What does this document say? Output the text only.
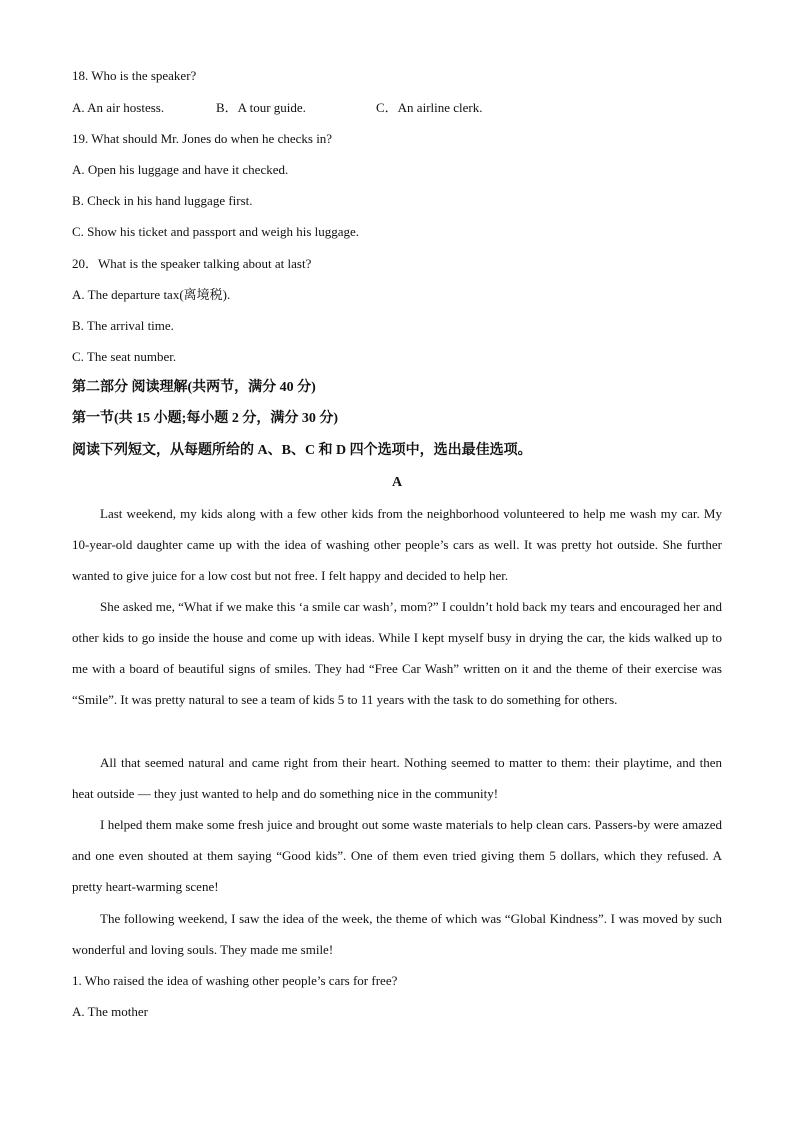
18. Who is the speaker?
A. An air hostess.	B．A tour guide.	C．An airline clerk.
19. What should Mr. Jones do when he checks in?
A. Open his luggage and have it checked.
B. Check in his hand luggage first.
C. Show his ticket and passport and weigh his luggage.
20．What is the speaker talking about at last?
A. The departure tax(离境税).
B. The arrival time.
C. The seat number.
第二部分 阅读理解(共两节，满分 40 分)
第一节(共 15 小题;每小题 2 分，满分 30 分)
阅读下列短文，从每题所给的 A、B、C 和 D 四个选项中，选出最佳选项。
A
Last weekend, my kids along with a few other kids from the neighborhood volunteered to help me wash my car. My 10-year-old daughter came up with the idea of washing other people’s cars as well. It was pretty hot outside. She further wanted to give juice for a low cost but not free. I felt happy and decided to help her.
She asked me, “What if we make this ‘a smile car wash’, mom?” I couldn’t hold back my tears and encouraged her and other kids to go inside the house and come up with ideas. While I kept myself busy in drying the car, the kids walked up to me with a board of beautiful signs of smiles. They had “Free Car Wash” written on it and the theme of their exercise was “Smile”. It was pretty natural to see a team of kids 5 to 11 years with the task to do something for others.
All that seemed natural and came right from their heart. Nothing seemed to matter to them: their playtime, and then heat outside — they just wanted to help and do something nice in the community!
I helped them make some fresh juice and brought out some waste materials to help clean cars. Passers-by were amazed and one even shouted at them saying “Good kids”. One of them even tried giving them 5 dollars, which they refused. A pretty heart-warming scene!
The following weekend, I saw the idea of the week, the theme of which was “Global Kindness”. I was moved by such wonderful and loving souls. They made me smile!
1. Who raised the idea of washing other people’s cars for free?
A. The mother
